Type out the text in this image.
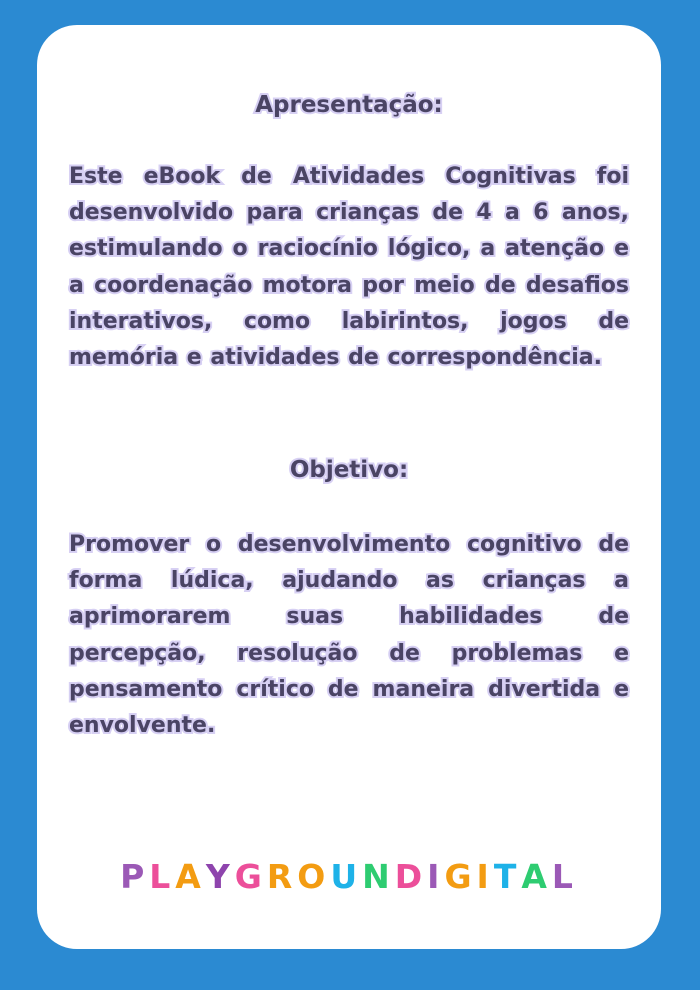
Apresentação:
Este eBook de Atividades Cognitivas foi desenvolvido para crianças de 4 a 6 anos, estimulando o raciocínio lógico, a atenção e a coordenação motora por meio de desafios interativos, como labirintos, jogos de memória e atividades de correspondência.
Objetivo:
Promover o desenvolvimento cognitivo de forma lúdica, ajudando as crianças a aprimorarem suas habilidades de percepção, resolução de problemas e pensamento crítico de maneira divertida e envolvente.
PLAYGROUNDIGITAL
